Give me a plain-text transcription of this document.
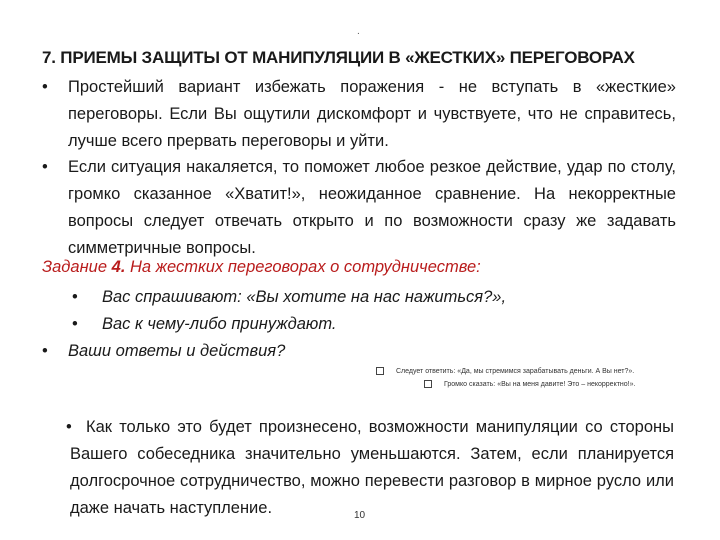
.
7. ПРИЕМЫ ЗАЩИТЫ ОТ МАНИПУЛЯЦИИ В «ЖЕСТКИХ» ПЕРЕГОВОРАХ
• Простейший вариант избежать поражения - не вступать в «жесткие» переговоры. Если Вы ощутили дискомфорт и чувствуете, что не справитесь, лучше всего прервать переговоры и уйти.
• Если ситуация накаляется, то поможет любое резкое действие, удар по столу, громко сказанное «Хватит!», неожиданное сравнение. На некорректные вопросы следует отвечать открыто и по возможности сразу же задавать симметричные вопросы.
Задание 4. На жестких переговорах о сотрудничестве:
• Вас спрашивают: «Вы хотите на нас нажиться?»,
• Вас к чему-либо принуждают.
• Ваши ответы и действия?
Следует ответить: «Да, мы стремимся зарабатывать деньги. А Вы нет?».
Громко сказать: «Вы на меня давите! Это – некорректно!».
• Как только это будет произнесено, возможности манипуляции со стороны Вашего собеседника значительно уменьшаются. Затем, если планируется долгосрочное сотрудничество, можно перевести разговор в мирное русло или даже начать наступление.	10
